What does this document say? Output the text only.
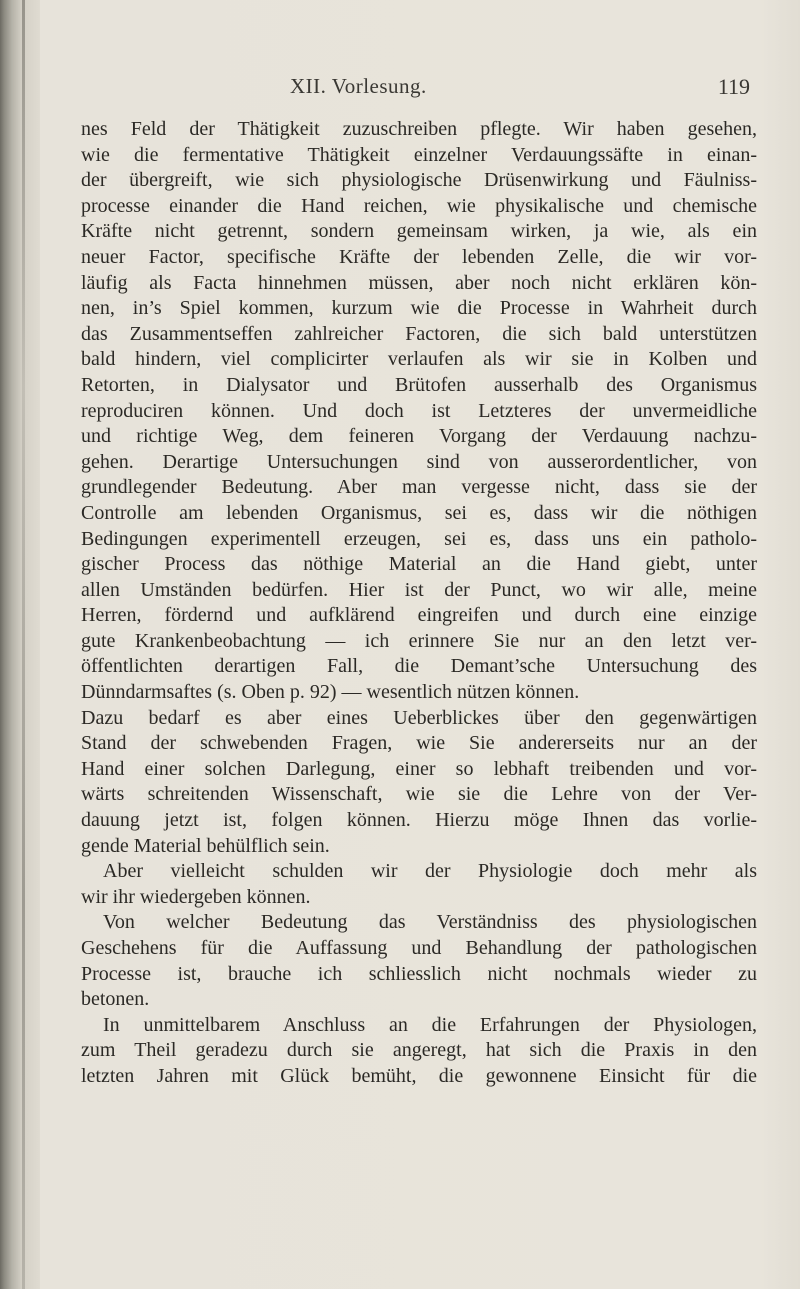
XII. Vorlesung.	119
nes Feld der Thätigkeit zuzuschreiben pflegte. Wir haben gesehen,
wie die fermentative Thätigkeit einzelner Verdauungssäfte in einan-
der übergreift, wie sich physiologische Drüsenwirkung und Fäulniss-
processe einander die Hand reichen, wie physikalische und chemische
Kräfte nicht getrennt, sondern gemeinsam wirken, ja wie, als ein
neuer Factor, specifische Kräfte der lebenden Zelle, die wir vor-
läufig als Facta hinnehmen müssen, aber noch nicht erklären kön-
nen, in’s Spiel kommen, kurzum wie die Processe in Wahrheit durch
das Zusammentseffen zahlreicher Factoren, die sich bald unterstützen
bald hindern, viel complicirter verlaufen als wir sie in Kolben und
Retorten, in Dialysator und Brütofen ausserhalb des Organismus
reproduciren können. Und doch ist Letzteres der unvermeidliche
und richtige Weg, dem feineren Vorgang der Verdauung nachzu-
gehen. Derartige Untersuchungen sind von ausserordentlicher, von
grundlegender Bedeutung. Aber man vergesse nicht, dass sie der
Controlle am lebenden Organismus, sei es, dass wir die nöthigen
Bedingungen experimentell erzeugen, sei es, dass uns ein patholo-
gischer Process das nöthige Material an die Hand giebt, unter
allen Umständen bedürfen. Hier ist der Punct, wo wir alle, meine
Herren, fördernd und aufklärend eingreifen und durch eine einzige
gute Krankenbeobachtung — ich erinnere Sie nur an den letzt ver-
öffentlichten derartigen Fall, die Demant’sche Untersuchung des
Dünndarmsaftes (s. Oben p. 92) — wesentlich nützen können.
Dazu bedarf es aber eines Ueberblickes über den gegenwärtigen
Stand der schwebenden Fragen, wie Sie andererseits nur an der
Hand einer solchen Darlegung, einer so lebhaft treibenden und vor-
wärts schreitenden Wissenschaft, wie sie die Lehre von der Ver-
dauung jetzt ist, folgen können. Hierzu möge Ihnen das vorlie-
gende Material behülflich sein.
Aber vielleicht schulden wir der Physiologie doch mehr als
wir ihr wiedergeben können.
Von welcher Bedeutung das Verständniss des physiologischen
Geschehens für die Auffassung und Behandlung der pathologischen
Processe ist, brauche ich schliesslich nicht nochmals wieder zu
betonen.
In unmittelbarem Anschluss an die Erfahrungen der Physiologen,
zum Theil geradezu durch sie angeregt, hat sich die Praxis in den
letzten Jahren mit Glück bemüht, die gewonnene Einsicht für die
